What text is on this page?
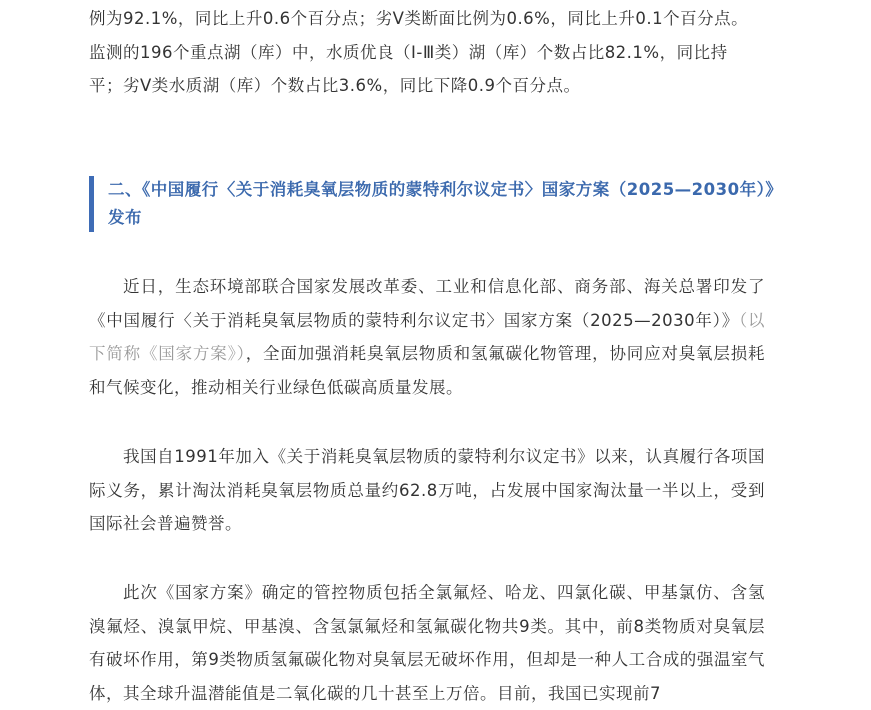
例为92.1%，同比上升0.6个百分点；劣Ⅴ类断面比例为0.6%，同比上升0.1个百分点。
监测的196个重点湖（库）中，水质优良（Ⅰ-Ⅲ类）湖（库）个数占比82.1%，同比持
平；劣Ⅴ类水质湖（库）个数占比3.6%，同比下降0.9个百分点。
二、《中国履行〈关于消耗臭氧层物质的蒙特利尔议定书〉国家方案（2025—2030年）》发布

近日，生态环境部联合国家发展改革委、工业和信息化部、商务部、海关总署印发了《中国履行〈关于消耗臭氧层物质的蒙特利尔议定书〉国家方案（2025—2030年）》（以下简称《国家方案》），全面加强消耗臭氧层物质和氢氟碳化物管理，协同应对臭氧层损耗和气候变化，推动相关行业绿色低碳高质量发展。

我国自1991年加入《关于消耗臭氧层物质的蒙特利尔议定书》以来，认真履行各项国际义务，累计淘汰消耗臭氧层物质总量约62.8万吨，占发展中国家淘汰量一半以上，受到国际社会普遍赞誉。

此次《国家方案》确定的管控物质包括全氯氟烃、哈龙、四氯化碳、甲基氯仿、含氢溴氟烃、溴氯甲烷、甲基溴、含氢氯氟烃和氢氟碳化物共9类。其中，前8类物质对臭氧层有破坏作用，第9类物质氢氟碳化物对臭氧层无破坏作用，但却是一种人工合成的强温室气体，其全球升温潜能值是二氧化碳的几十甚至上万倍。目前，我国已实现前7
